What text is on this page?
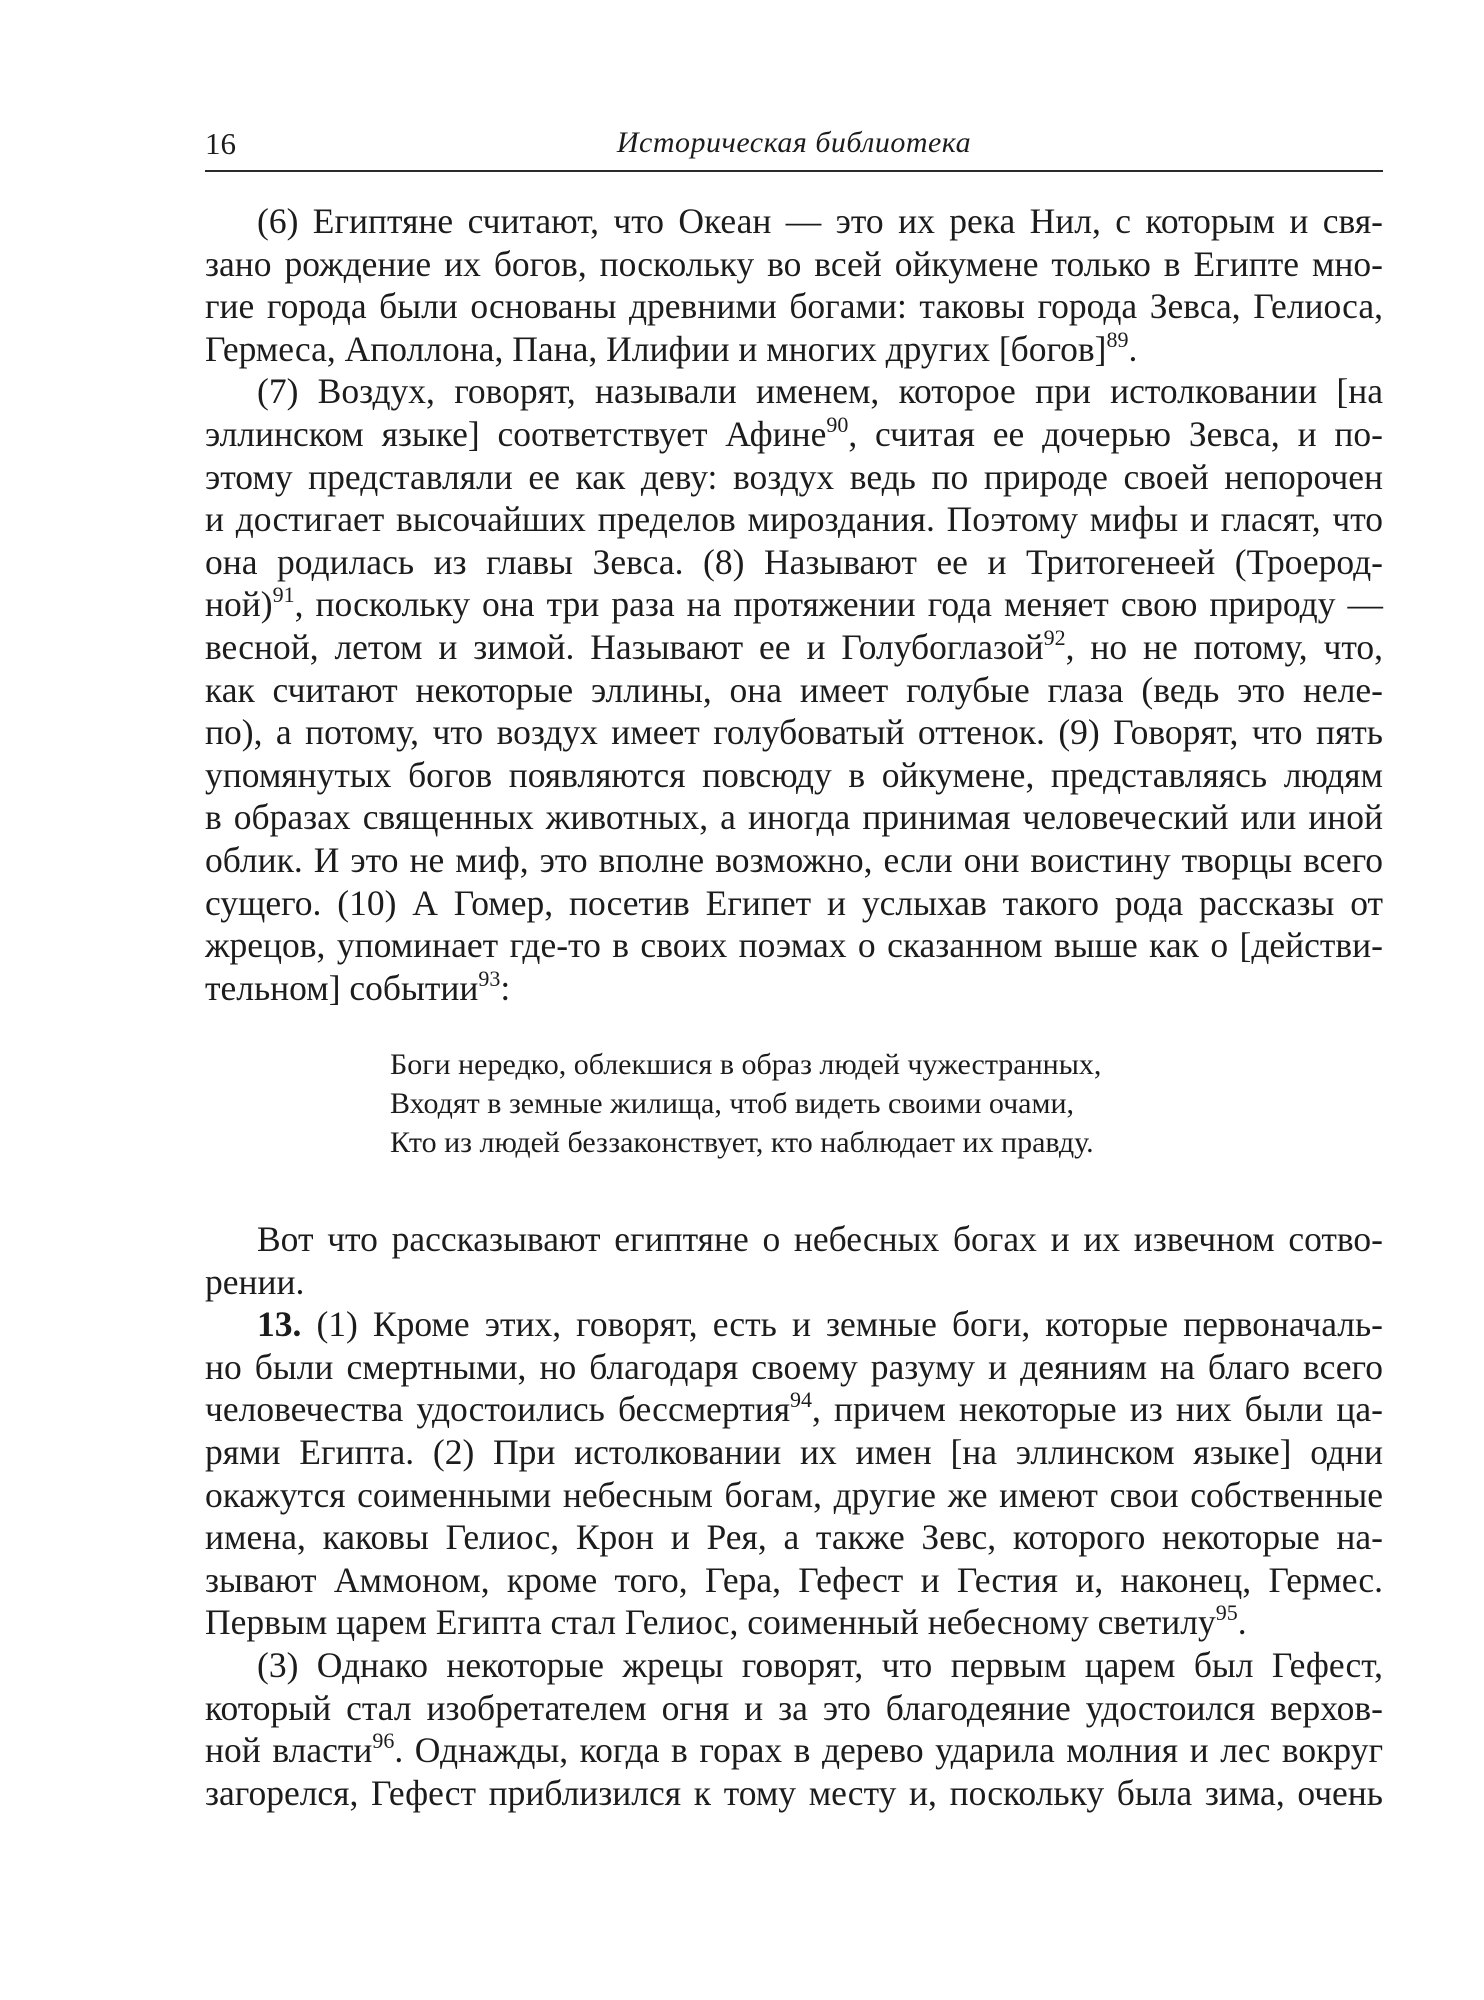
16	Историческая библиотека
(6) Египтяне считают, что Океан — это их река Нил, с которым и свя-
зано рождение их богов, поскольку во всей ойкумене только в Египте мно-
гие города были основаны древними богами: таковы города Зевса, Гелиоса,
Гермеса, Аполлона, Пана, Илифии и многих других [богов]$^{89}$.
(7) Воздух, говорят, называли именем, которое при истолковании [на
эллинском языке] соответствует Афине$^{90}$, считая ее дочерью Зевса, и по-
этому представляли ее как деву: воздух ведь по природе своей непорочен
и достигает высочайших пределов мироздания. Поэтому мифы и гласят, что
она родилась из главы Зевса. (8) Называют ее и Тритогенеей (Троерод-
ной)$^{91}$, поскольку она три раза на протяжении года меняет свою природу —
весной, летом и зимой. Называют ее и Голубоглазой$^{92}$, но не потому, что,
как считают некоторые эллины, она имеет голубые глаза (ведь это неле-
по), а потому, что воздух имеет голубоватый оттенок. (9) Говорят, что пять
упомянутых богов появляются повсюду в ойкумене, представляясь людям
в образах священных животных, а иногда принимая человеческий или иной
облик. И это не миф, это вполне возможно, если они воистину творцы всего
сущего. (10) А Гомер, посетив Египет и услыхав такого рода рассказы от
жрецов, упоминает где-то в своих поэмах о сказанном выше как о [действи-
тельном] событии$^{93}$:
Боги нередко, облекшися в образ людей чужестранных,
Входят в земные жилища, чтоб видеть своими очами,
Кто из людей беззаконствует, кто наблюдает их правду.
Вот что рассказывают египтяне о небесных богах и их извечном сотво-
рении.
13. (1) Кроме этих, говорят, есть и земные боги, которые первоначаль-
но были смертными, но благодаря своему разуму и деяниям на благо всего
человечества удостоились бессмертия$^{94}$, причем некоторые из них были ца-
рями Египта. (2) При истолковании их имен [на эллинском языке] одни
окажутся соименными небесным богам, другие же имеют свои собственные
имена, каковы Гелиос, Крон и Рея, а также Зевс, которого некоторые на-
зывают Аммоном, кроме того, Гера, Гефест и Гестия и, наконец, Гермес.
Первым царем Египта стал Гелиос, соименный небесному светилу$^{95}$.
(3) Однако некоторые жрецы говорят, что первым царем был Гефест,
который стал изобретателем огня и за это благодеяние удостоился верхов-
ной власти$^{96}$. Однажды, когда в горах в дерево ударила молния и лес вокруг
загорелся, Гефест приблизился к тому месту и, поскольку была зима, очень
